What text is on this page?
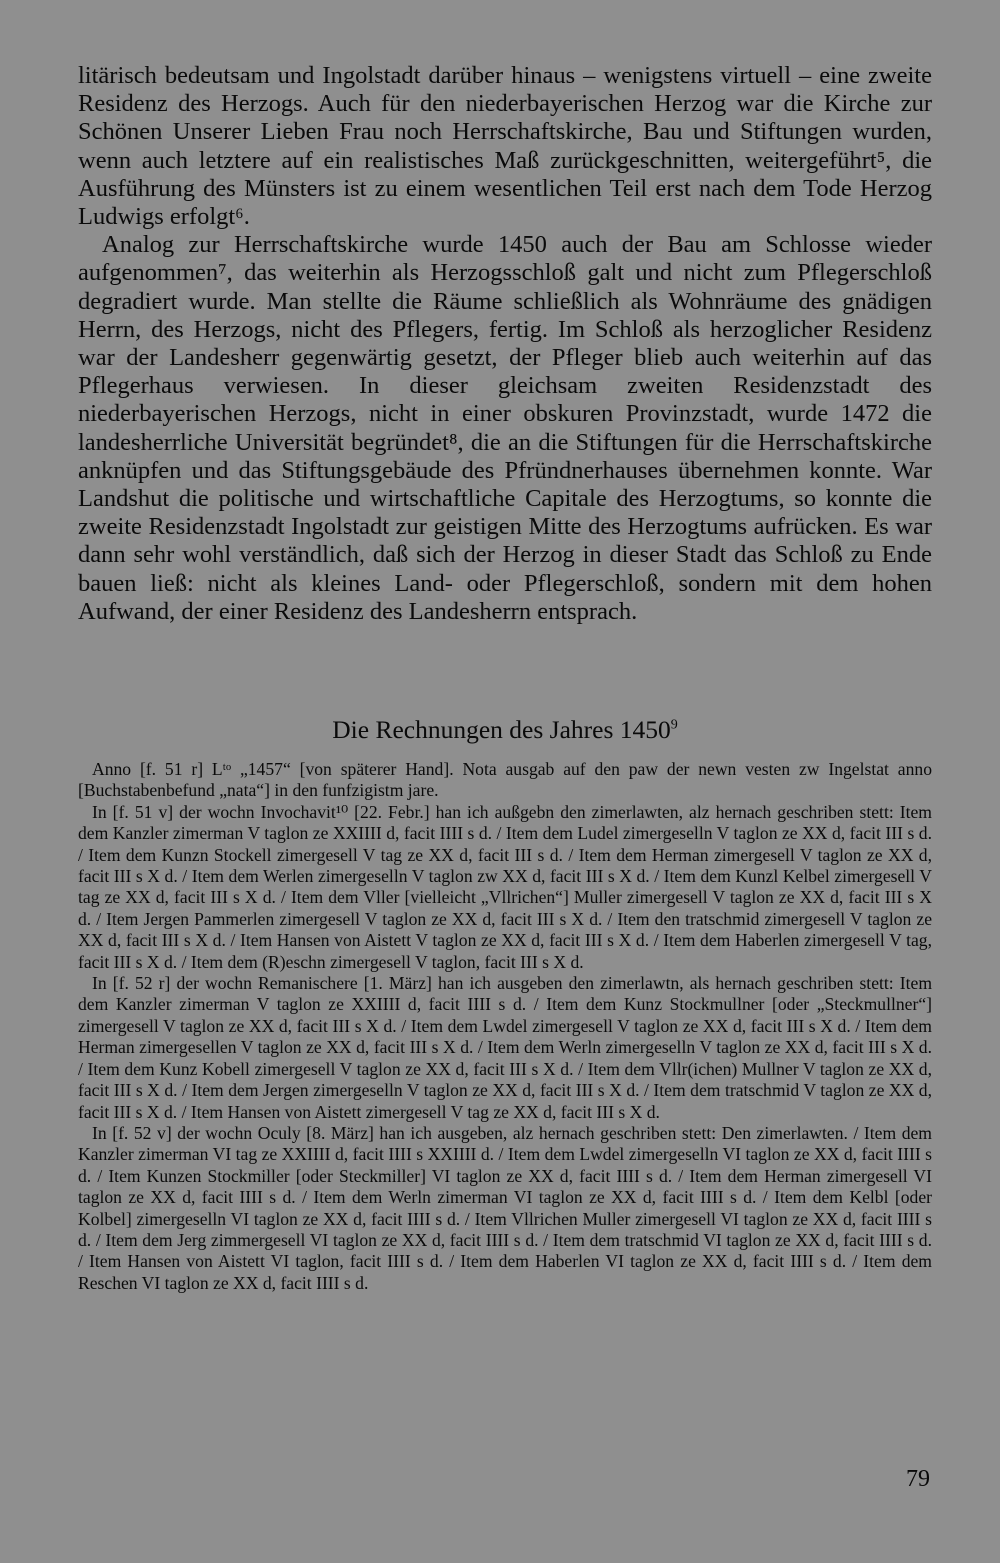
litärisch bedeutsam und Ingolstadt darüber hinaus – wenigstens virtuell – eine zweite Residenz des Herzogs. Auch für den niederbayerischen Herzog war die Kirche zur Schönen Unserer Lieben Frau noch Herrschaftskirche, Bau und Stiftungen wurden, wenn auch letztere auf ein realistisches Maß zurückgeschnitten, weitergeführt⁵, die Ausführung des Münsters ist zu einem wesentlichen Teil erst nach dem Tode Herzog Ludwigs erfolgt⁶.

Analog zur Herrschaftskirche wurde 1450 auch der Bau am Schlosse wieder aufgenommen⁷, das weiterhin als Herzogsschloß galt und nicht zum Pflegerschloß degradiert wurde. Man stellte die Räume schließlich als Wohnräume des gnädigen Herrn, des Herzogs, nicht des Pflegers, fertig. Im Schloß als herzoglicher Residenz war der Landesherr gegenwärtig gesetzt, der Pfleger blieb auch weiterhin auf das Pflegerhaus verwiesen. In dieser gleichsam zweiten Residenzstadt des niederbayerischen Herzogs, nicht in einer obskuren Provinzstadt, wurde 1472 die landesherrliche Universität begründet⁸, die an die Stiftungen für die Herrschaftskirche anknüpfen und das Stiftungsgebäude des Pfründnerhauses übernehmen konnte. War Landshut die politische und wirtschaftliche Capitale des Herzogtums, so konnte die zweite Residenzstadt Ingolstadt zur geistigen Mitte des Herzogtums aufrücken. Es war dann sehr wohl verständlich, daß sich der Herzog in dieser Stadt das Schloß zu Ende bauen ließ: nicht als kleines Land- oder Pflegerschloß, sondern mit dem hohen Aufwand, der einer Residenz des Landesherrn entsprach.

Die Rechnungen des Jahres 1450$^9$

Anno [f. 51 r] Lᵗᵒ „1457“ [von späterer Hand]. Nota ausgab auf den paw der newn vesten zw Ingelstat anno [Buchstabenbefund „nata“] in den funfzigistm jare.

In [f. 51 v] der wochn Invochavit¹⁰ [22. Febr.] han ich außgebn den zimerlawten, alz hernach geschriben stett: Item dem Kanzler zimerman V taglon ze XXIIII d, facit IIII s d. / Item dem Ludel zimergeselln V taglon ze XX d, facit III s d. / Item dem Kunzn Stockell zimergesell V tag ze XX d, facit III s d. / Item dem Herman zimergesell V taglon ze XX d, facit III s X d. / Item dem Werlen zimergeselln V taglon zw XX d, facit III s X d. / Item dem Kunzl Kelbel zimergesell V tag ze XX d, facit III s X d. / Item dem Vller [vielleicht „Vllrichen“] Muller zimergesell V taglon ze XX d, facit III s X d. / Item Jergen Pammerlen zimergesell V taglon ze XX d, facit III s X d. / Item den tratschmid zimergesell V taglon ze XX d, facit III s X d. / Item Hansen von Aistett V taglon ze XX d, facit III s X d. / Item dem Haberlen zimergesell V tag, facit III s X d. / Item dem (R)eschn zimergesell V taglon, facit III s X d.

In [f. 52 r] der wochn Remanischere [1. März] han ich ausgeben den zimerlawtn, als hernach geschriben stett: Item dem Kanzler zimerman V taglon ze XXIIII d, facit IIII s d. / Item dem Kunz Stockmullner [oder „Steckmullner“] zimergesell V taglon ze XX d, facit III s X d. / Item dem Lwdel zimergesell V taglon ze XX d, facit III s X d. / Item dem Herman zimergesellen V taglon ze XX d, facit III s X d. / Item dem Werln zimergeselln V taglon ze XX d, facit III s X d. / Item dem Kunz Kobell zimergesell V taglon ze XX d, facit III s X d. / Item dem Vllr(ichen) Mullner V taglon ze XX d, facit III s X d. / Item dem Jergen zimergeselln V taglon ze XX d, facit III s X d. / Item dem tratschmid V taglon ze XX d, facit III s X d. / Item Hansen von Aistett zimergesell V tag ze XX d, facit III s X d.

In [f. 52 v] der wochn Oculy [8. März] han ich ausgeben, alz hernach geschriben stett: Den zimerlawten. / Item dem Kanzler zimerman VI tag ze XXIIII d, facit IIII s XXIIII d. / Item dem Lwdel zimergeselln VI taglon ze XX d, facit IIII s d. / Item Kunzen Stockmiller [oder Steckmiller] VI taglon ze XX d, facit IIII s d. / Item dem Herman zimergesell VI taglon ze XX d, facit IIII s d. / Item dem Werln zimerman VI taglon ze XX d, facit IIII s d. / Item dem Kelbl [oder Kolbel] zimergeselln VI taglon ze XX d, facit IIII s d. / Item Vllrichen Muller zimergesell VI taglon ze XX d, facit IIII s d. / Item dem Jerg zimmergesell VI taglon ze XX d, facit IIII s d. / Item dem tratschmid VI taglon ze XX d, facit IIII s d. / Item Hansen von Aistett VI taglon, facit IIII s d. / Item dem Haberlen VI taglon ze XX d, facit IIII s d. / Item dem Reschen VI taglon ze XX d, facit IIII s d.

79
